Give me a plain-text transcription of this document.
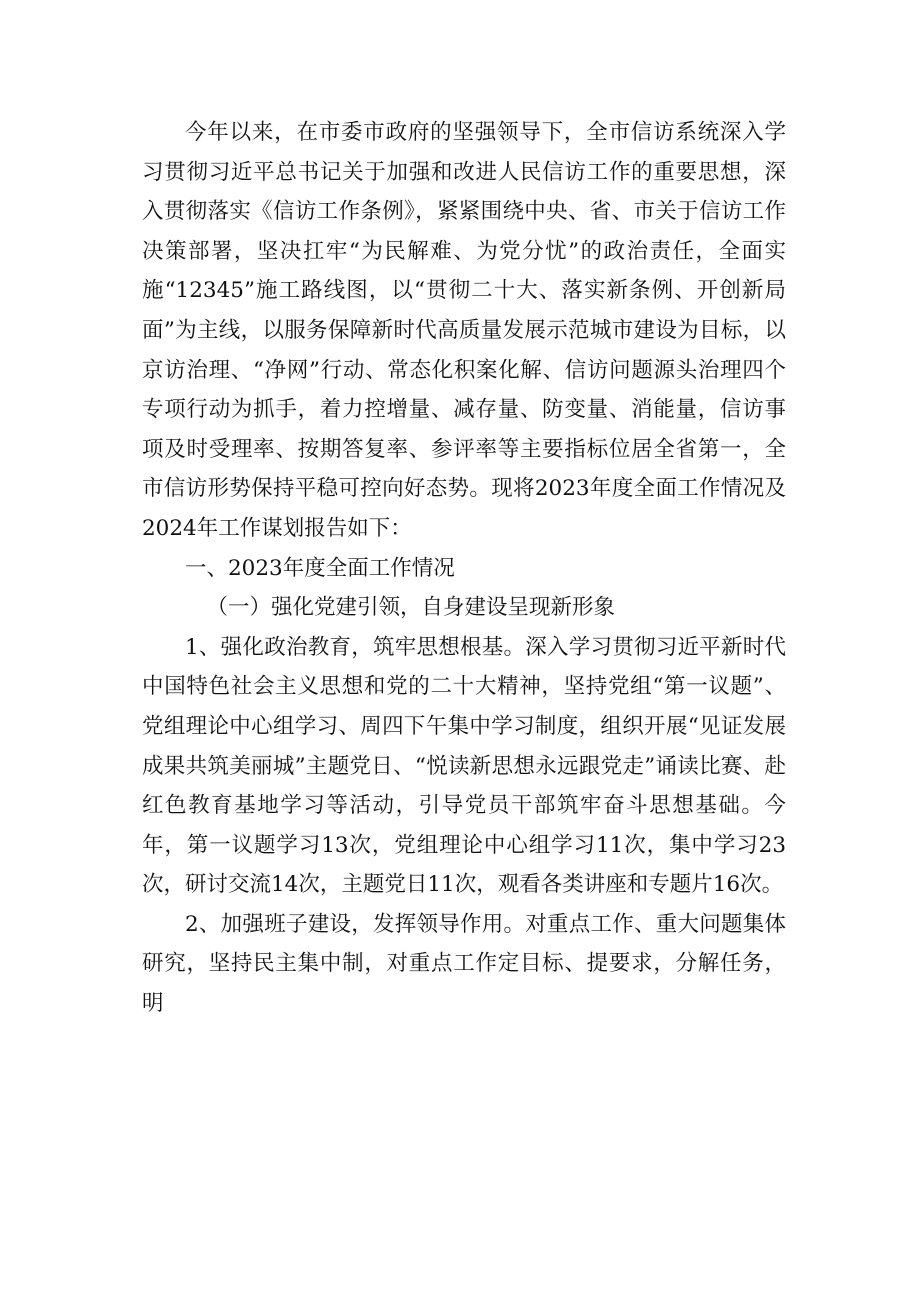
今年以来，在市委市政府的坚强领导下，全市信访系统深入学习贯彻习近平总书记关于加强和改进人民信访工作的重要思想，深入贯彻落实《信访工作条例》，紧紧围绕中央、省、市关于信访工作决策部署，坚决扛牢“为民解难、为党分忧”的政治责任，全面实施“12345”施工路线图，以“贯彻二十大、落实新条例、开创新局面”为主线，以服务保障新时代高质量发展示范城市建设为目标，以京访治理、“净网”行动、常态化积案化解、信访问题源头治理四个专项行动为抓手，着力控增量、减存量、防变量、消能量，信访事项及时受理率、按期答复率、参评率等主要指标位居全省第一，全市信访形势保持平稳可控向好态势。现将2023年度全面工作情况及2024年工作谋划报告如下：

一、2023年度全面工作情况

（一）强化党建引领，自身建设呈现新形象

1、强化政治教育，筑牢思想根基。深入学习贯彻习近平新时代中国特色社会主义思想和党的二十大精神，坚持党组“第一议题”、党组理论中心组学习、周四下午集中学习制度，组织开展“见证发展成果共筑美丽城”主题党日、“悦读新思想永远跟党走”诵读比赛、赴红色教育基地学习等活动，引导党员干部筑牢奋斗思想基础。今年，第一议题学习13次，党组理论中心组学习11次，集中学习23次，研讨交流14次，主题党日11次，观看各类讲座和专题片16次。

2、加强班子建设，发挥领导作用。对重点工作、重大问题集体研究，坚持民主集中制，对重点工作定目标、提要求，分解任务，明
